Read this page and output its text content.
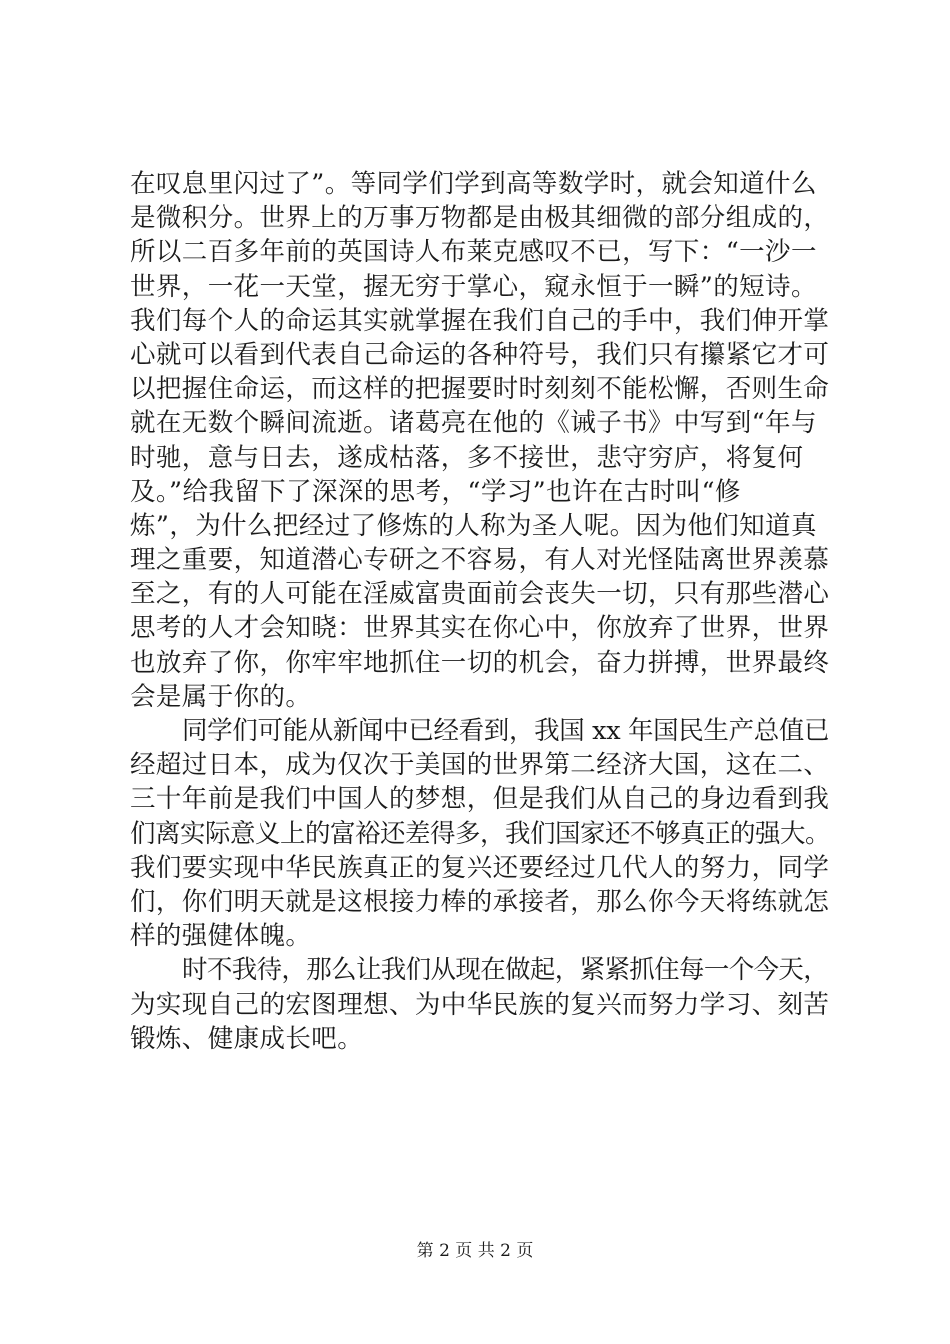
在叹息里闪过了”。等同学们学到高等数学时，就会知道什么
是微积分。世界上的万事万物都是由极其细微的部分组成的，
所以二百多年前的英国诗人布莱克感叹不已，写下：“一沙一
世界，一花一天堂，握无穷于掌心，窥永恒于一瞬”的短诗。
我们每个人的命运其实就掌握在我们自己的手中，我们伸开掌
心就可以看到代表自己命运的各种符号，我们只有攥紧它才可
以把握住命运，而这样的把握要时时刻刻不能松懈，否则生命
就在无数个瞬间流逝。诸葛亮在他的《诫子书》中写到“年与
时驰，意与日去，遂成枯落，多不接世，悲守穷庐，将复何
及。”给我留下了深深的思考，“学习”也许在古时叫“修
炼”，为什么把经过了修炼的人称为圣人呢。因为他们知道真
理之重要，知道潜心专研之不容易，有人对光怪陆离世界羡慕
至之，有的人可能在淫威富贵面前会丧失一切，只有那些潜心
思考的人才会知晓：世界其实在你心中，你放弃了世界，世界
也放弃了你，你牢牢地抓住一切的机会，奋力拼搏，世界最终
会是属于你的。
同学们可能从新闻中已经看到，我国 xx 年国民生产总值已
经超过日本，成为仅次于美国的世界第二经济大国，这在二、
三十年前是我们中国人的梦想，但是我们从自己的身边看到我
们离实际意义上的富裕还差得多，我们国家还不够真正的强大。
我们要实现中华民族真正的复兴还要经过几代人的努力，同学
们，你们明天就是这根接力棒的承接者，那么你今天将练就怎
样的强健体魄。
时不我待，那么让我们从现在做起，紧紧抓住每一个今天，
为实现自己的宏图理想、为中华民族的复兴而努力学习、刻苦
锻炼、健康成长吧。
第 2 页 共 2 页
